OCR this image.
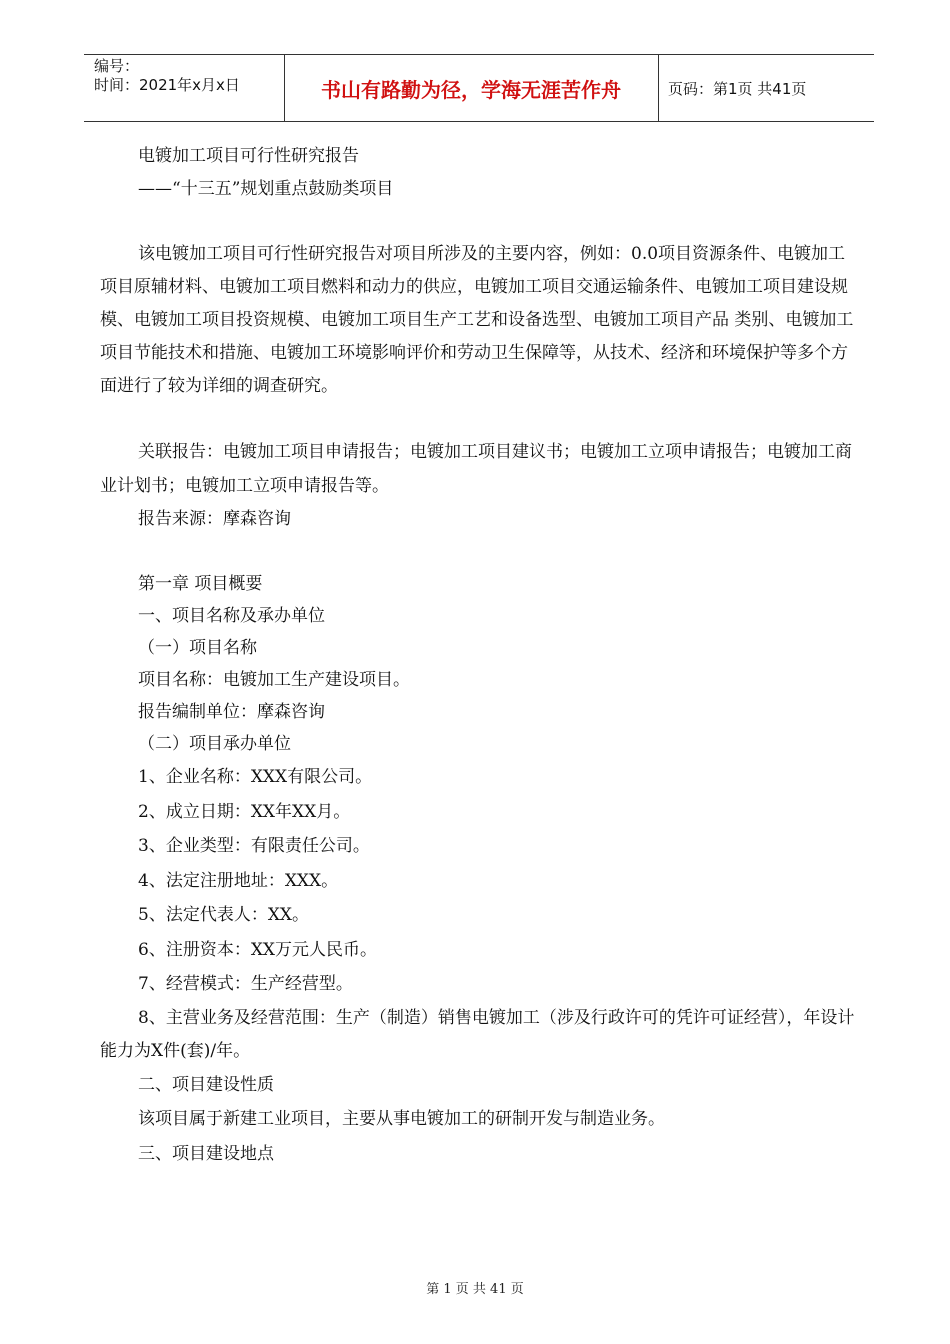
编号：
时间：2021年x月x日	书山有路勤为径，学海无涯苦作舟	页码：第1页 共41页

电镀加工项目可行性研究报告

——“十三五”规划重点鼓励类项目

该电镀加工项目可行性研究报告对项目所涉及的主要内容，例如：0.0项目资源条件、电镀加工项目原辅材料、电镀加工项目燃料和动力的供应，电镀加工项目交通运输条件、电镀加工项目建设规模、电镀加工项目投资规模、电镀加工项目生产工艺和设备选型、电镀加工项目产品 类别、电镀加工项目节能技术和措施、电镀加工环境影响评价和劳动卫生保障等，从技术、经济和环境保护等多个方面进行了较为详细的调查研究。

关联报告：电镀加工项目申请报告；电镀加工项目建议书；电镀加工立项申请报告；电镀加工商业计划书；电镀加工立项申请报告等。

报告来源：摩森咨询

第一章 项目概要

一、项目名称及承办单位

（一）项目名称

项目名称：电镀加工生产建设项目。

报告编制单位：摩森咨询

（二）项目承办单位

1、企业名称：XXX有限公司。

2、成立日期：XX年XX月。

3、企业类型：有限责任公司。

4、法定注册地址：XXX。

5、法定代表人：XX。

6、注册资本：XX万元人民币。

7、经营模式：生产经营型。

8、主营业务及经营范围：生产（制造）销售电镀加工（涉及行政许可的凭许可证经营），年设计能力为X件(套)/年。

二、项目建设性质

该项目属于新建工业项目，主要从事电镀加工的研制开发与制造业务。

三、项目建设地点

第 1 页 共 41 页
